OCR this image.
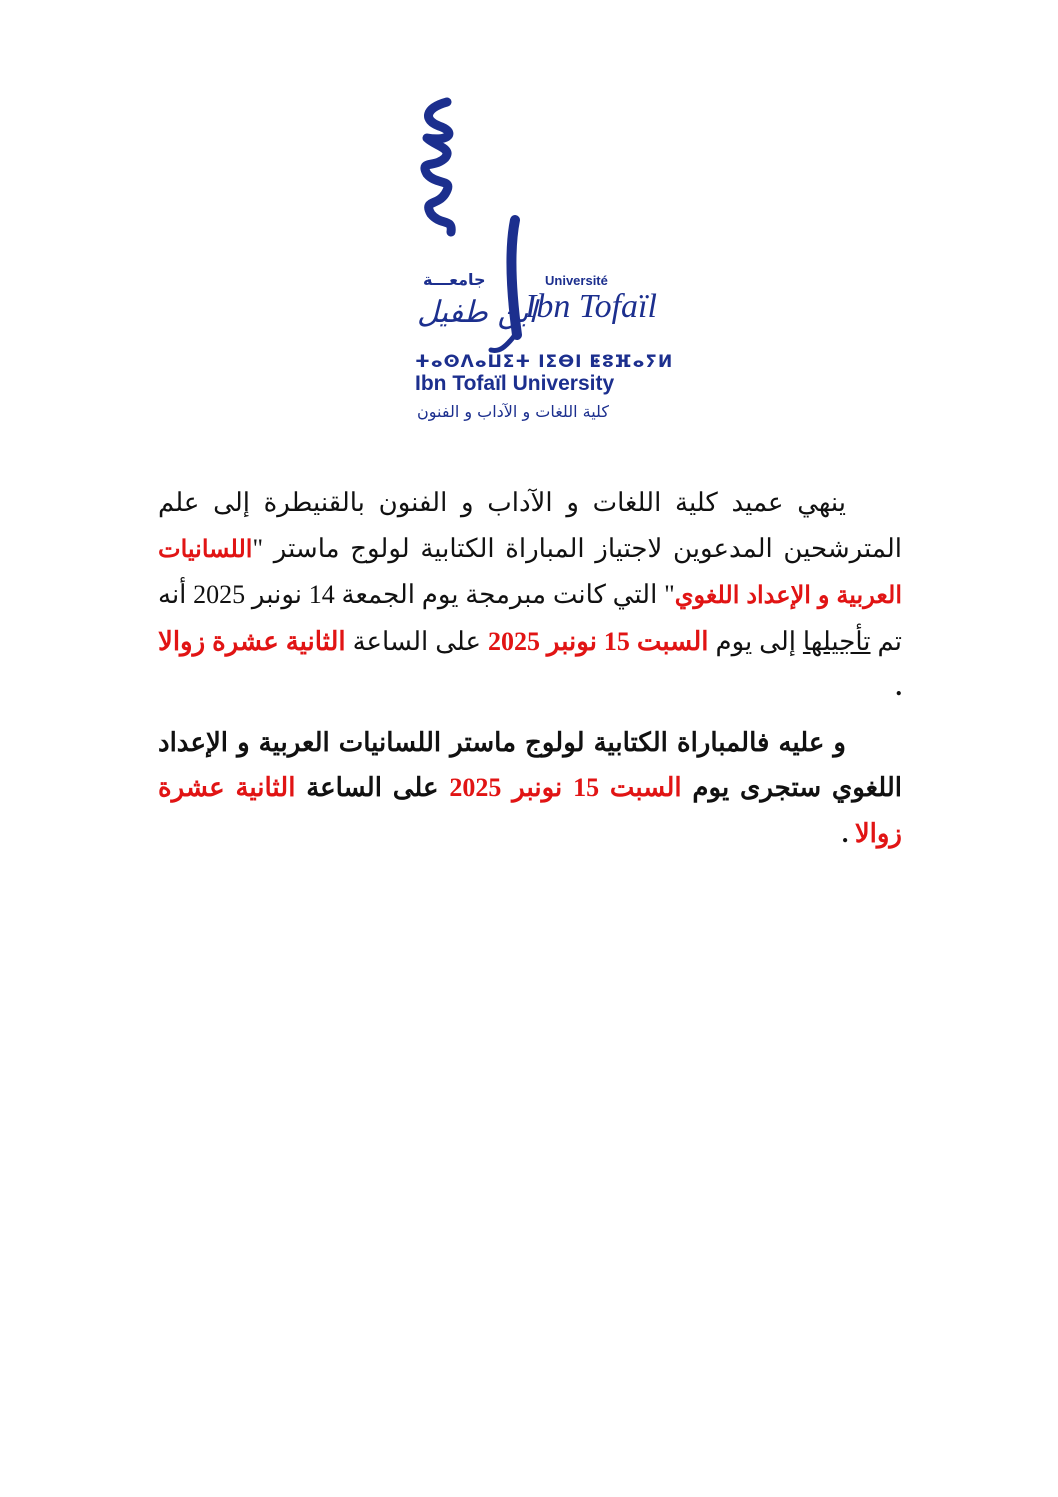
جامعـــة	Université
ابن طفيل
Ibn Tofaïl
ⵜⴰⵙⴷⴰⵡⵉⵜ ⵏⵉⴱⵏ ⵟⵓⴼⴰⵢⵍ
Ibn Tofaïl University
كلية اللغات و الآداب و الفنون

ينهي عميد كلية اللغات و الآداب و الفنون بالقنيطرة إلى علم المترشحين المدعوين لاجتياز المباراة الكتابية لولوج ماستر "اللسانيات العربية و الإعداد اللغوي" التي كانت مبرمجة يوم الجمعة 14 نونبر 2025 أنه تم تأجيلها إلى يوم السبت 15 نونبر 2025 على الساعة الثانية عشرة زوالا .

و عليه فالمباراة الكتابية لولوج ماستر اللسانيات العربية و الإعداد اللغوي ستجرى يوم السبت 15 نونبر 2025 على الساعة الثانية عشرة زوالا .
